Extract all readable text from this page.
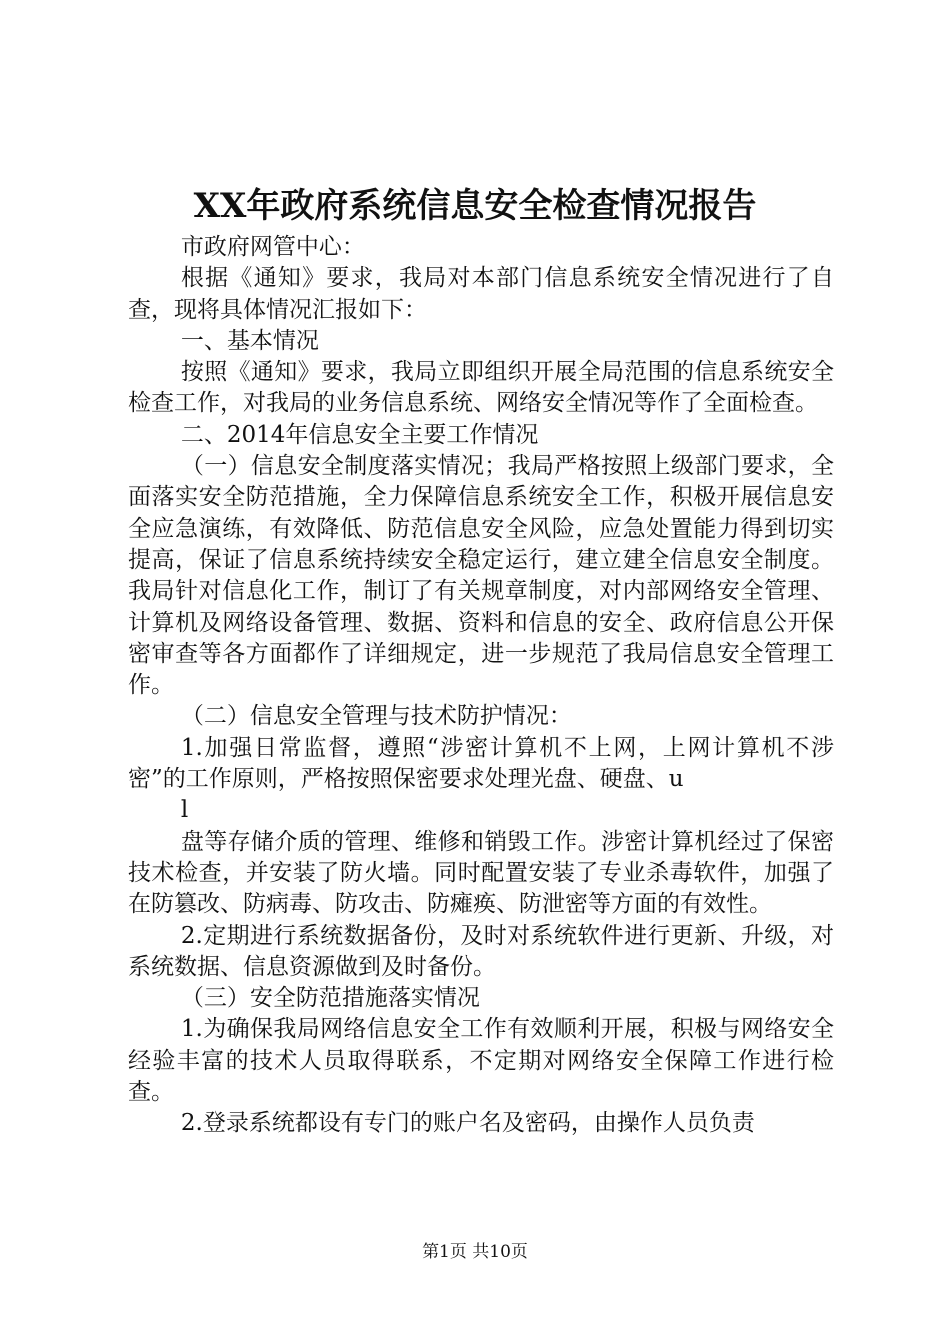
XX年政府系统信息安全检查情况报告

市政府网管中心：

根据《通知》要求，我局对本部门信息系统安全情况进行了自查，现将具体情况汇报如下：

一、基本情况

按照《通知》要求，我局立即组织开展全局范围的信息系统安全检查工作，对我局的业务信息系统、网络安全情况等作了全面检查。

二、2014年信息安全主要工作情况

（一）信息安全制度落实情况；我局严格按照上级部门要求，全面落实安全防范措施，全力保障信息系统安全工作，积极开展信息安全应急演练，有效降低、防范信息安全风险，应急处置能力得到切实提高，保证了信息系统持续安全稳定运行，建立建全信息安全制度。我局针对信息化工作，制订了有关规章制度，对内部网络安全管理、计算机及网络设备管理、数据、资料和信息的安全、政府信息公开保密审查等各方面都作了详细规定，进一步规范了我局信息安全管理工作。

（二）信息安全管理与技术防护情况：

1.加强日常监督，遵照“涉密计算机不上网，上网计算机不涉密”的工作原则，严格按照保密要求处理光盘、硬盘、u

l

盘等存储介质的管理、维修和销毁工作。涉密计算机经过了保密技术检查，并安装了防火墙。同时配置安装了专业杀毒软件，加强了在防篡改、防病毒、防攻击、防瘫痪、防泄密等方面的有效性。

2.定期进行系统数据备份，及时对系统软件进行更新、升级，对系统数据、信息资源做到及时备份。

（三）安全防范措施落实情况

1.为确保我局网络信息安全工作有效顺利开展，积极与网络安全经验丰富的技术人员取得联系，不定期对网络安全保障工作进行检查。

2.登录系统都设有专门的账户名及密码，由操作人员负责

第1页 共10页
